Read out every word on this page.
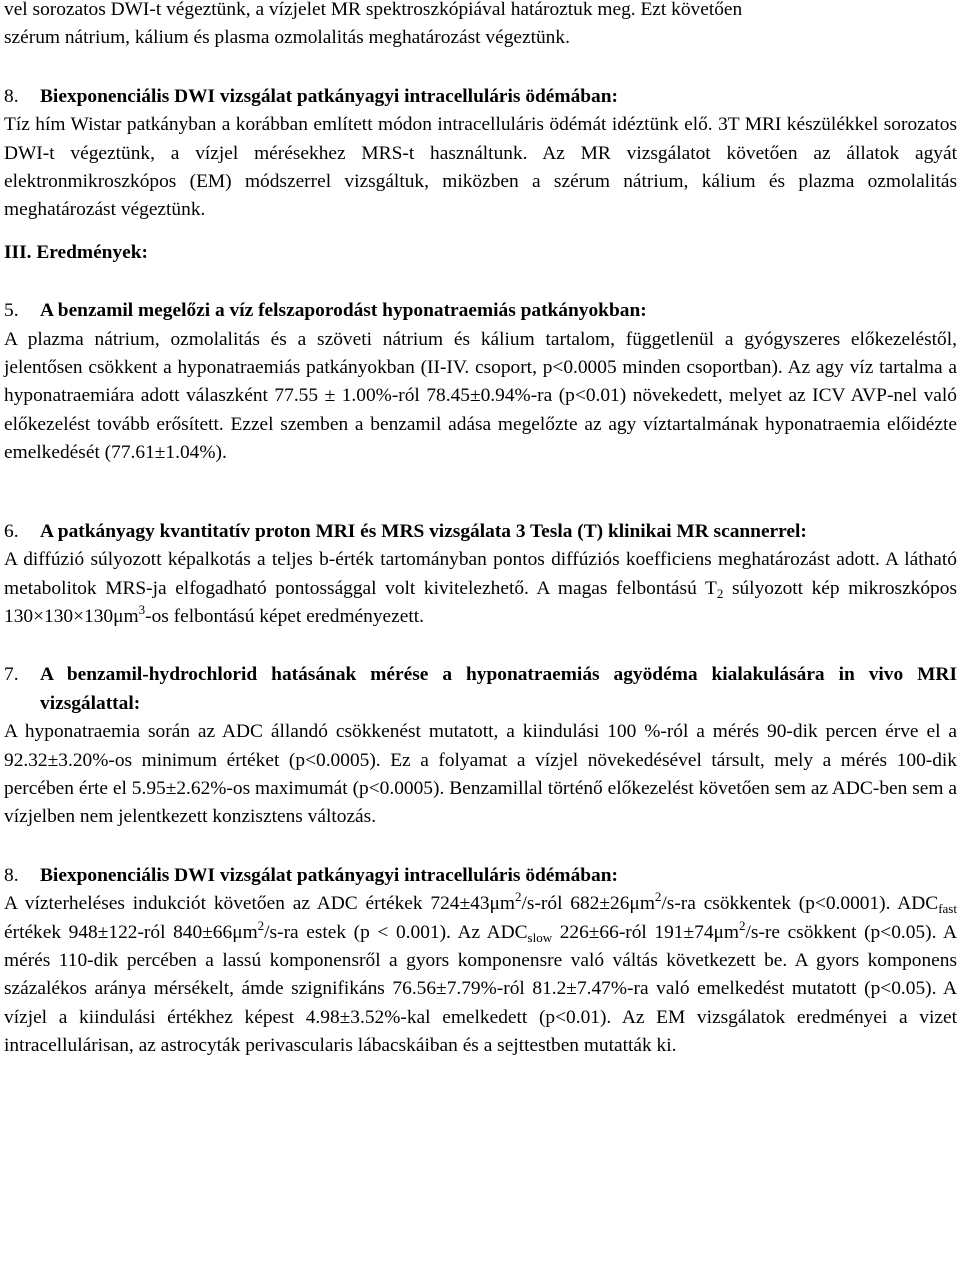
vel sorozatos DWI-t végeztünk, a vízjelet MR spektroszkópiával határoztuk meg. Ezt követően
szérum nátrium, kálium és plasma ozmolalitás meghatározást végeztünk.

8.	Biexponenciális DWI vizsgálat patkányagyi intracelluláris ödémában:

Tíz hím Wistar patkányban a korábban említett módon intracelluláris ödémát idéztünk elő. 3T MRI készülékkel sorozatos DWI-t végeztünk, a vízjel mérésekhez MRS-t használtunk. Az MR vizsgálatot követően az állatok agyát elektronmikroszkópos (EM) módszerrel vizsgáltuk, miközben a szérum nátrium, kálium és plazma ozmolalitás meghatározást végeztünk.

III. Eredmények:

5.	A benzamil megelőzi a víz felszaporodást hyponatraemiás patkányokban:

A plazma nátrium, ozmolalitás és a szöveti nátrium és kálium tartalom, függetlenül a gyógyszeres előkezeléstől, jelentősen csökkent a hyponatraemiás patkányokban (II-IV. csoport, p<0.0005 minden csoportban). Az agy víz tartalma a hyponatraemiára adott válaszként 77.55 ± 1.00%-ról 78.45±0.94%-ra (p<0.01) növekedett, melyet az ICV AVP-nel való előkezelést tovább erősített. Ezzel szemben a benzamil adása megelőzte az agy víztartalmának hyponatraemia előidézte emelkedését (77.61±1.04%).

6.	A patkányagy kvantitatív proton MRI és MRS vizsgálata 3 Tesla (T) klinikai MR scannerrel:

A diffúzió súlyozott képalkotás a teljes b-érték tartományban pontos diffúziós koefficiens meghatározást adott. A látható metabolitok MRS-ja elfogadható pontossággal volt kivitelezhető. A magas felbontású $T_2$ súlyozott kép mikroszkópos $130\times 130\times 130\mu m^3-os$ felbontású képet eredményezett.

7.	A benzamil-hydrochlorid hatásának mérése a hyponatraemiás agyödéma kialakulására in vivo MRI vizsgálattal:

A hyponatraemia során az ADC állandó csökkenést mutatott, a kiindulási 100 %-ról a mérés 90-dik percen érve el a 92.32±3.20%-os minimum értéket (p<0.0005). Ez a folyamat a vízjel növekedésével társult, mely a mérés 100-dik percében érte el 5.95±2.62%-os maximumát (p<0.0005). Benzamillal történő előkezelést követően sem az ADC-ben sem a vízjelben nem jelentkezett konzisztens változás.

8.	Biexponenciális DWI vizsgálat patkányagyi intracelluláris ödémában:

A vízterheléses indukciót követően az ADC értékek $724\pm 43\mu m^2/s$-ról $682\pm 26\mu m^2/s-ra$ csökkentek (p<0.0001). $ADC_{fast}$ értékek 948±122-ról $840\pm 66\mu m^2/s-ra$ estek (p < 0.001). Az $ADC_{slow}$ 226±66-ról $191\pm 74\mu m^2/s-re$ csökkent (p<0.05). A mérés 110-dik percében a lassú komponensről a gyors komponensre való váltás következett be. A gyors komponens százalékos aránya mérsékelt, ámde szignifikáns 76.56±7.79%-ról 81.2±7.47%-ra való emelkedést mutatott (p<0.05). A vízjel a kiindulási értékhez képest 4.98±3.52%-kal emelkedett (p<0.01). Az EM vizsgálatok eredményei a vizet intracellulárisan, az astrocyták perivascularis lábacskáiban és a sejttestben mutatták ki.
